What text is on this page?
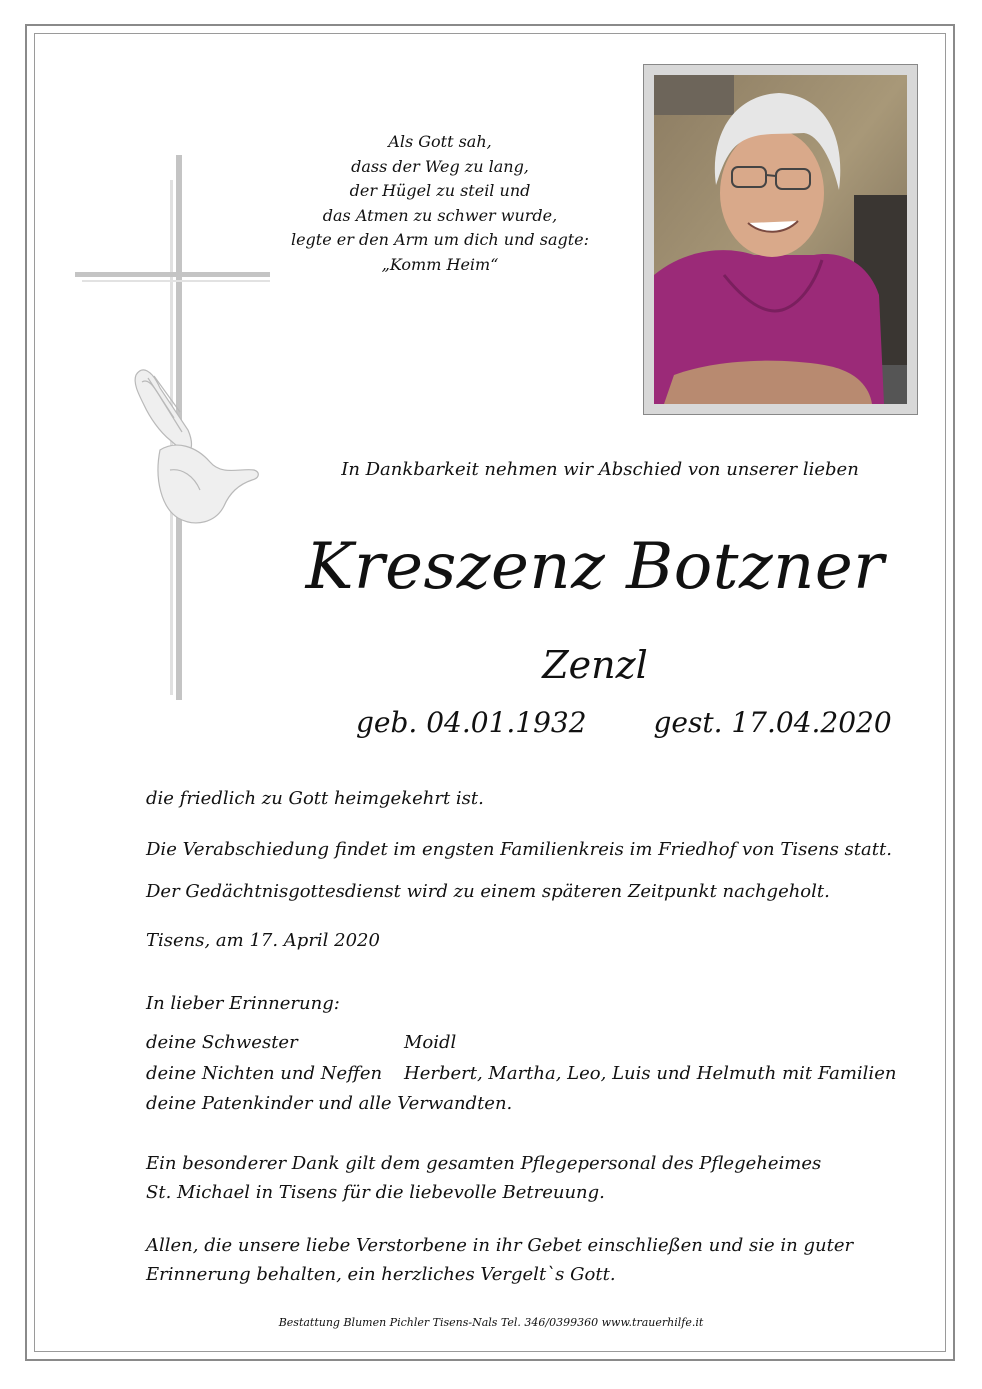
Als Gott sah,
dass der Weg zu lang,
der Hügel zu steil und
das Atmen zu schwer wurde,
legte er den Arm um dich und sagte:
„Komm Heim“
In Dankbarkeit nehmen wir Abschied von unserer lieben
Kreszenz Botzner
Zenzl
geb. 04.01.1932 gest. 17.04.2020
die friedlich zu Gott heimgekehrt ist.
Die Verabschiedung findet im engsten Familienkreis im Friedhof von Tisens statt.
Der Gedächtnisgottesdienst wird zu einem späteren Zeitpunkt nachgeholt.
Tisens, am 17. April 2020
In lieber Erinnerung:
deine Schwester	Moidl
deine Nichten und Neffen Herbert, Martha, Leo, Luis und Helmuth mit Familien
deine Patenkinder und alle Verwandten.
Ein besonderer Dank gilt dem gesamten Pflegepersonal des Pflegeheimes
St. Michael in Tisens für die liebevolle Betreuung.
Allen, die unsere liebe Verstorbene in ihr Gebet einschließen und sie in guter
Erinnerung behalten, ein herzliches Vergelt`s Gott.
Bestattung Blumen Pichler Tisens-Nals Tel. 346/0399360 www.trauerhilfe.it
